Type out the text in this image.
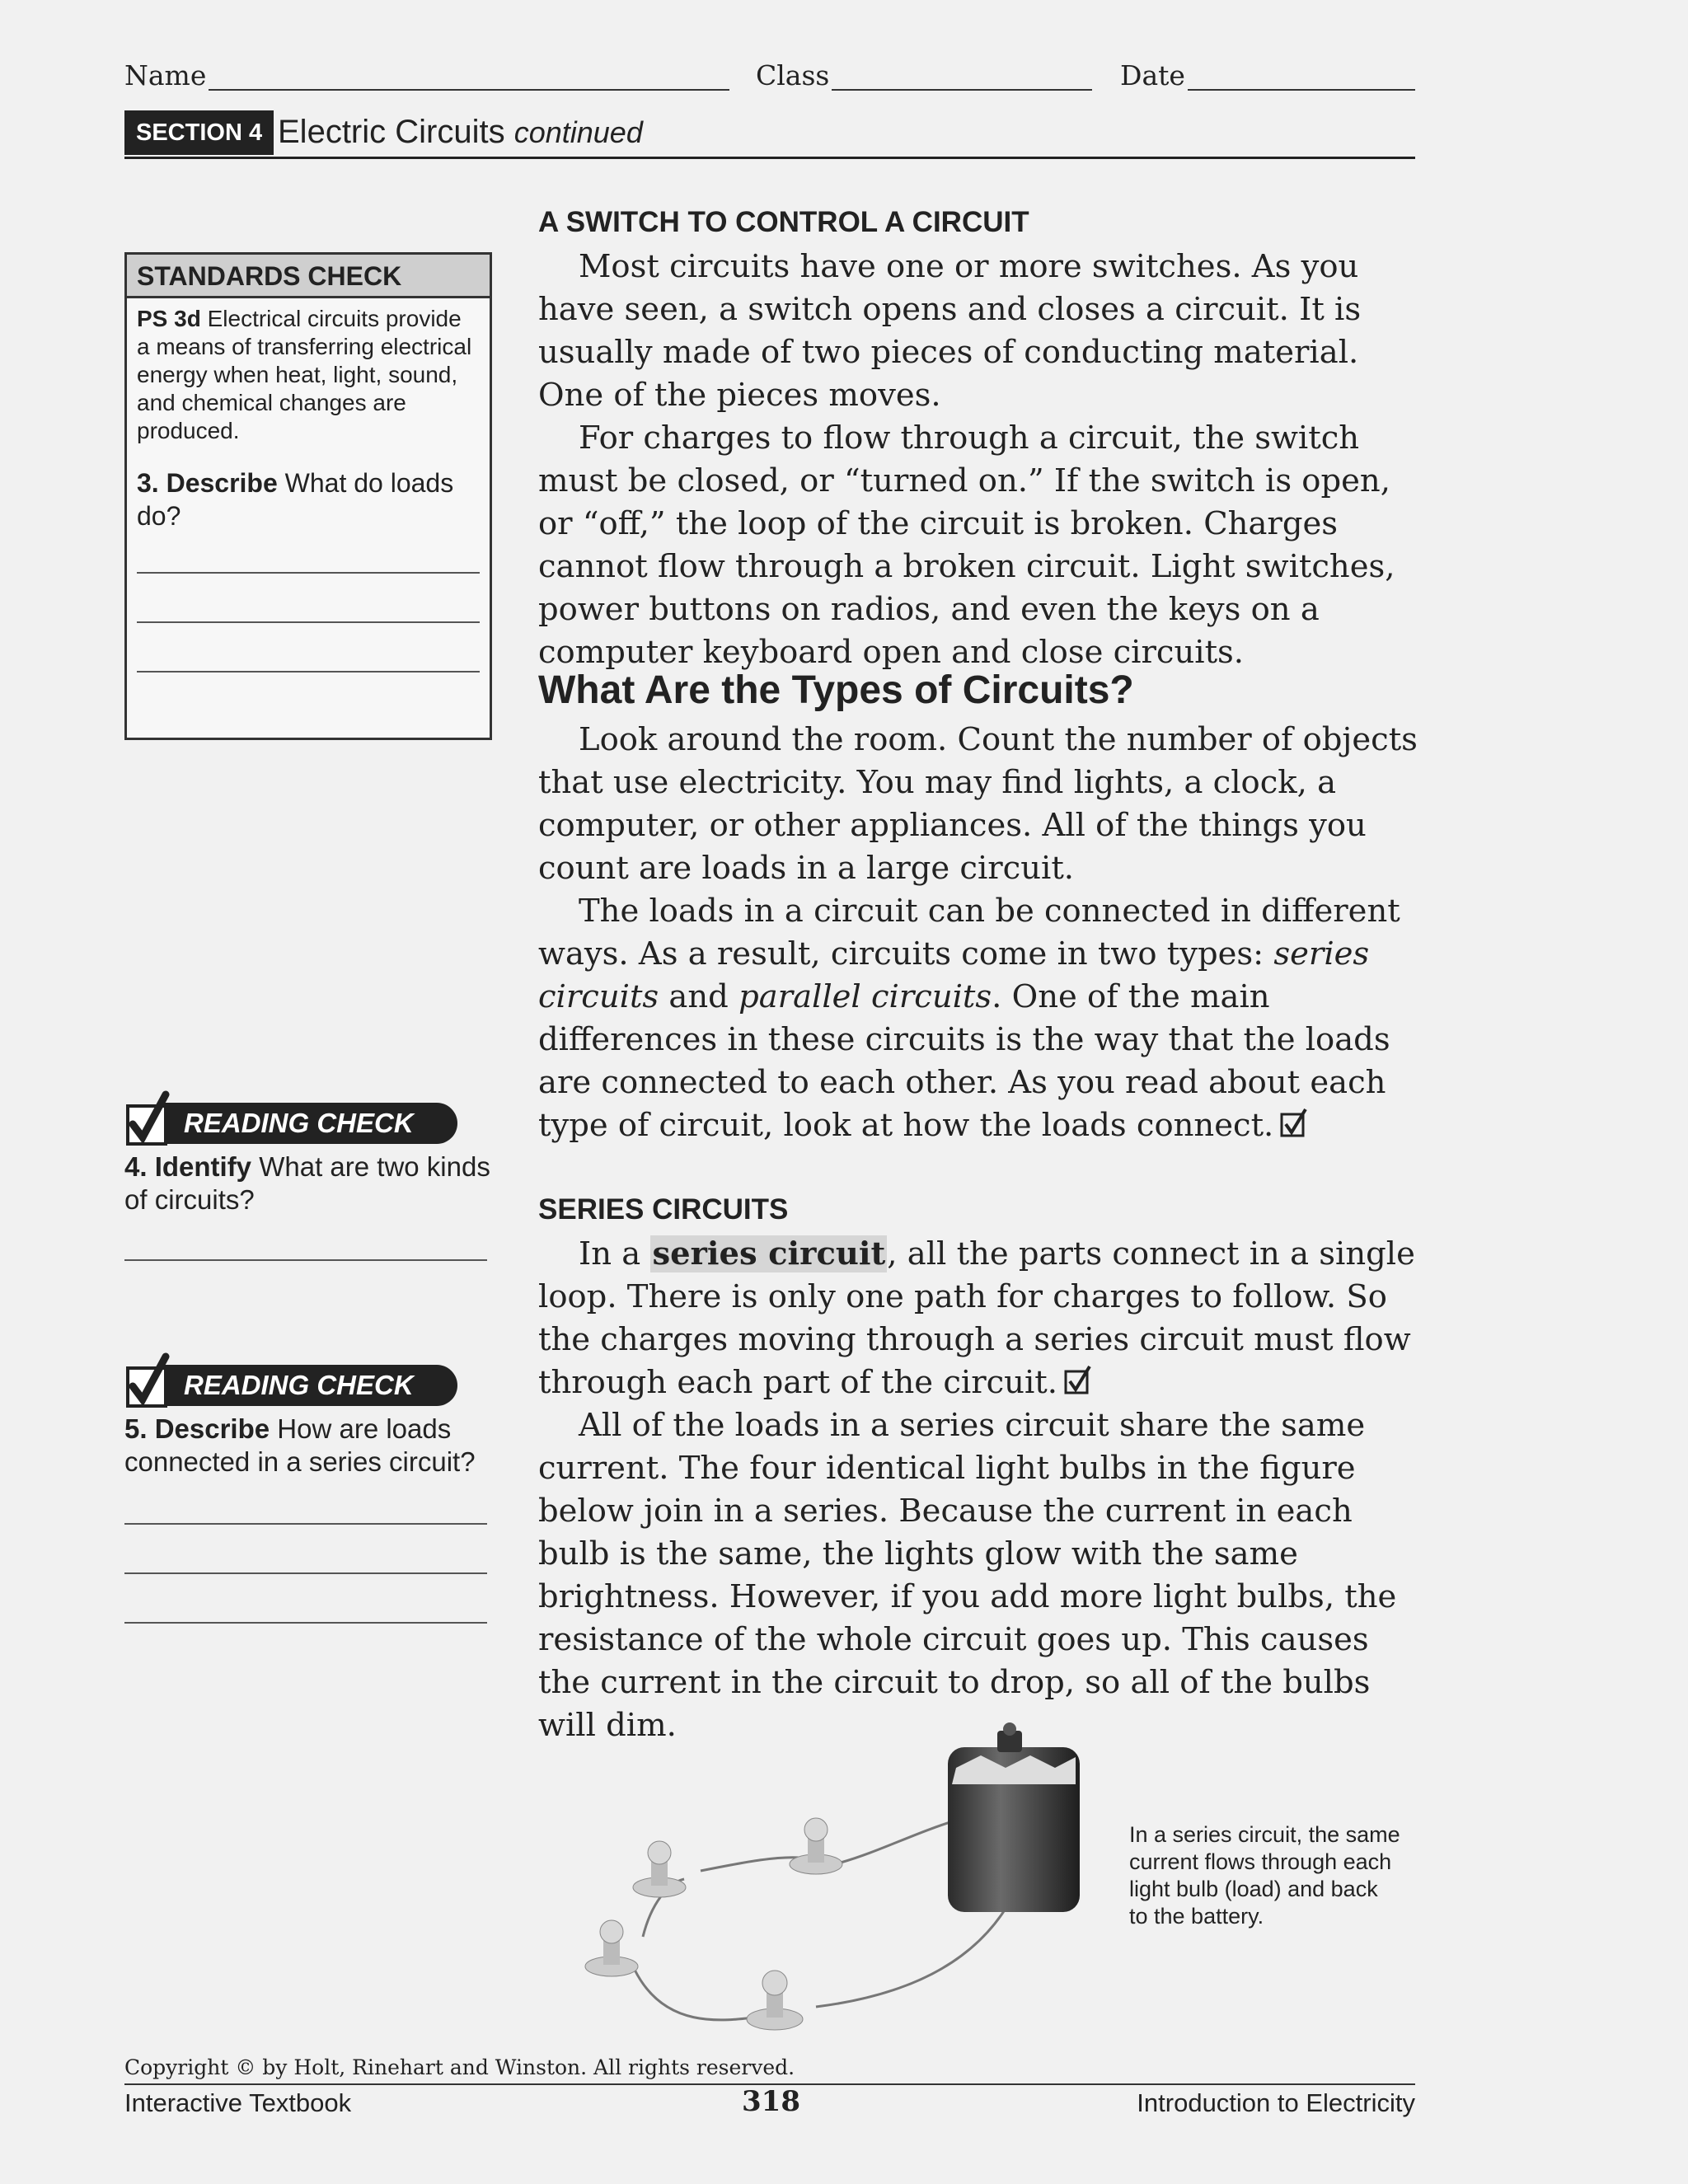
Name	Class	Date
SECTION 4 Electric Circuits continued
STANDARDS CHECK
PS 3d Electrical circuits provide a means of transferring electrical energy when heat, light, sound, and chemical changes are produced.
3. Describe What do loads do?
READING CHECK
4. Identify What are two kinds of circuits?
READING CHECK
5. Describe How are loads connected in a series circuit?
A SWITCH TO CONTROL A CIRCUIT

Most circuits have one or more switches. As you have seen, a switch opens and closes a circuit. It is usually made of two pieces of conducting material. One of the pieces moves.

For charges to flow through a circuit, the switch must be closed, or “turned on.” If the switch is open, or “off,” the loop of the circuit is broken. Charges cannot flow through a broken circuit. Light switches, power buttons on radios, and even the keys on a computer keyboard open and close circuits.

What Are the Types of Circuits?

Look around the room. Count the number of objects that use electricity. You may find lights, a clock, a computer, or other appliances. All of the things you count are loads in a large circuit.

The loads in a circuit can be connected in different ways. As a result, circuits come in two types: series circuits and parallel circuits. One of the main differences in these circuits is the way that the loads are connected to each other. As you read about each type of circuit, look at how the loads connect.

SERIES CIRCUITS

In a series circuit, all the parts connect in a single loop. There is only one path for charges to follow. So the charges moving through a series circuit must flow through each part of the circuit.

All of the loads in a series circuit share the same current. The four identical light bulbs in the figure below join in a series. Because the current in each bulb is the same, the lights glow with the same brightness. However, if you add more light bulbs, the resistance of the whole circuit goes up. This causes the current in the circuit to drop, so all of the bulbs will dim.

In a series circuit, the same current flows through each light bulb (load) and back to the battery.
Copyright © by Holt, Rinehart and Winston. All rights reserved.
Interactive Textbook	318	Introduction to Electricity
